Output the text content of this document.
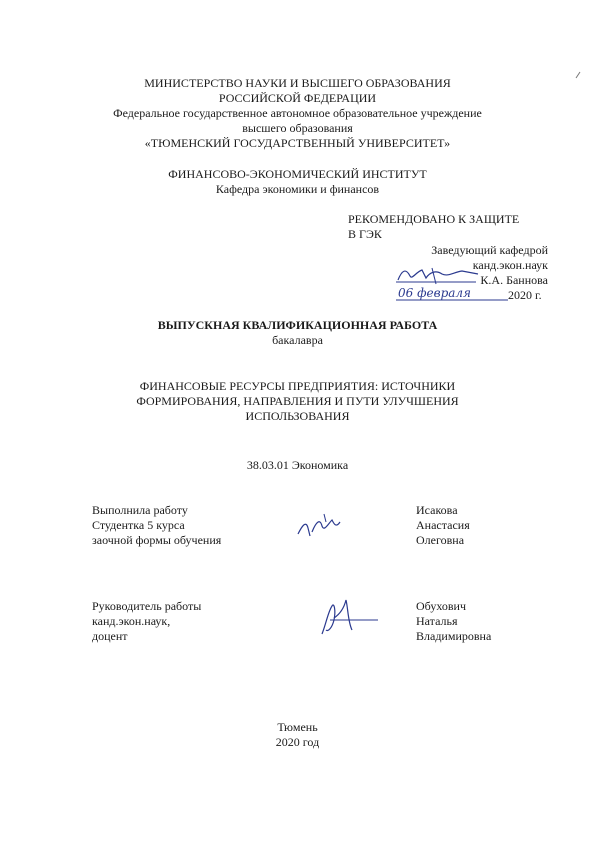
МИНИСТЕРСТВО НАУКИ И ВЫСШЕГО ОБРАЗОВАНИЯ
РОССИЙСКОЙ ФЕДЕРАЦИИ
Федеральное государственное автономное образовательное учреждение
высшего образования
«ТЮМЕНСКИЙ ГОСУДАРСТВЕННЫЙ УНИВЕРСИТЕТ»
ФИНАНСОВО-ЭКОНОМИЧЕСКИЙ ИНСТИТУТ
Кафедра экономики и финансов
РЕКОМЕНДОВАНО К ЗАЩИТЕ
В ГЭК
Заведующий кафедрой
канд.экон.наук
К.А. Баннова
06 февраля	2020 г.
ВЫПУСКНАЯ КВАЛИФИКАЦИОННАЯ РАБОТА
бакалавра
ФИНАНСОВЫЕ РЕСУРСЫ ПРЕДПРИЯТИЯ: ИСТОЧНИКИ
ФОРМИРОВАНИЯ, НАПРАВЛЕНИЯ И ПУТИ УЛУЧШЕНИЯ
ИСПОЛЬЗОВАНИЯ
38.03.01 Экономика
Выполнила работу
Студентка 5 курса
заочной формы обучения
Исакова
Анастасия
Олеговна
Руководитель работы
канд.экон.наук,
доцент
Обухович
Наталья
Владимировна
Тюмень
2020 год
